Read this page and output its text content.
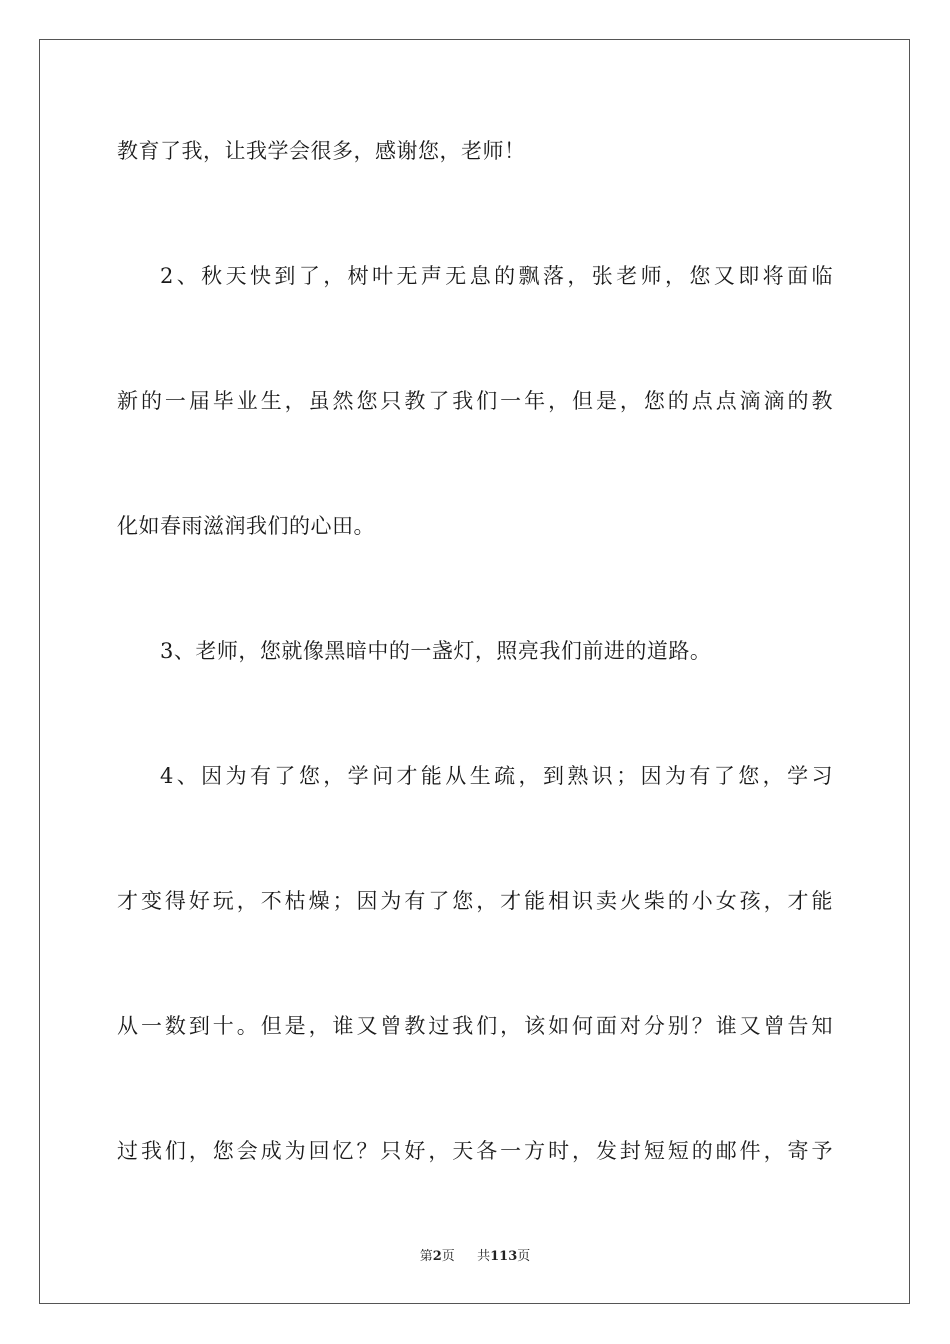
教育了我，让我学会很多，感谢您，老师！
2、秋天快到了，树叶无声无息的飘落，张老师，您又即将面临
新的一届毕业生，虽然您只教了我们一年，但是，您的点点滴滴的教
化如春雨滋润我们的心田。
3、老师，您就像黑暗中的一盏灯，照亮我们前进的道路。
4、因为有了您，学问才能从生疏，到熟识；因为有了您，学习
才变得好玩，不枯燥；因为有了您，才能相识卖火柴的小女孩，才能
从一数到十。但是，谁又曾教过我们，该如何面对分别？谁又曾告知
过我们，您会成为回忆？只好，天各一方时，发封短短的邮件，寄予
第2页 共113页
